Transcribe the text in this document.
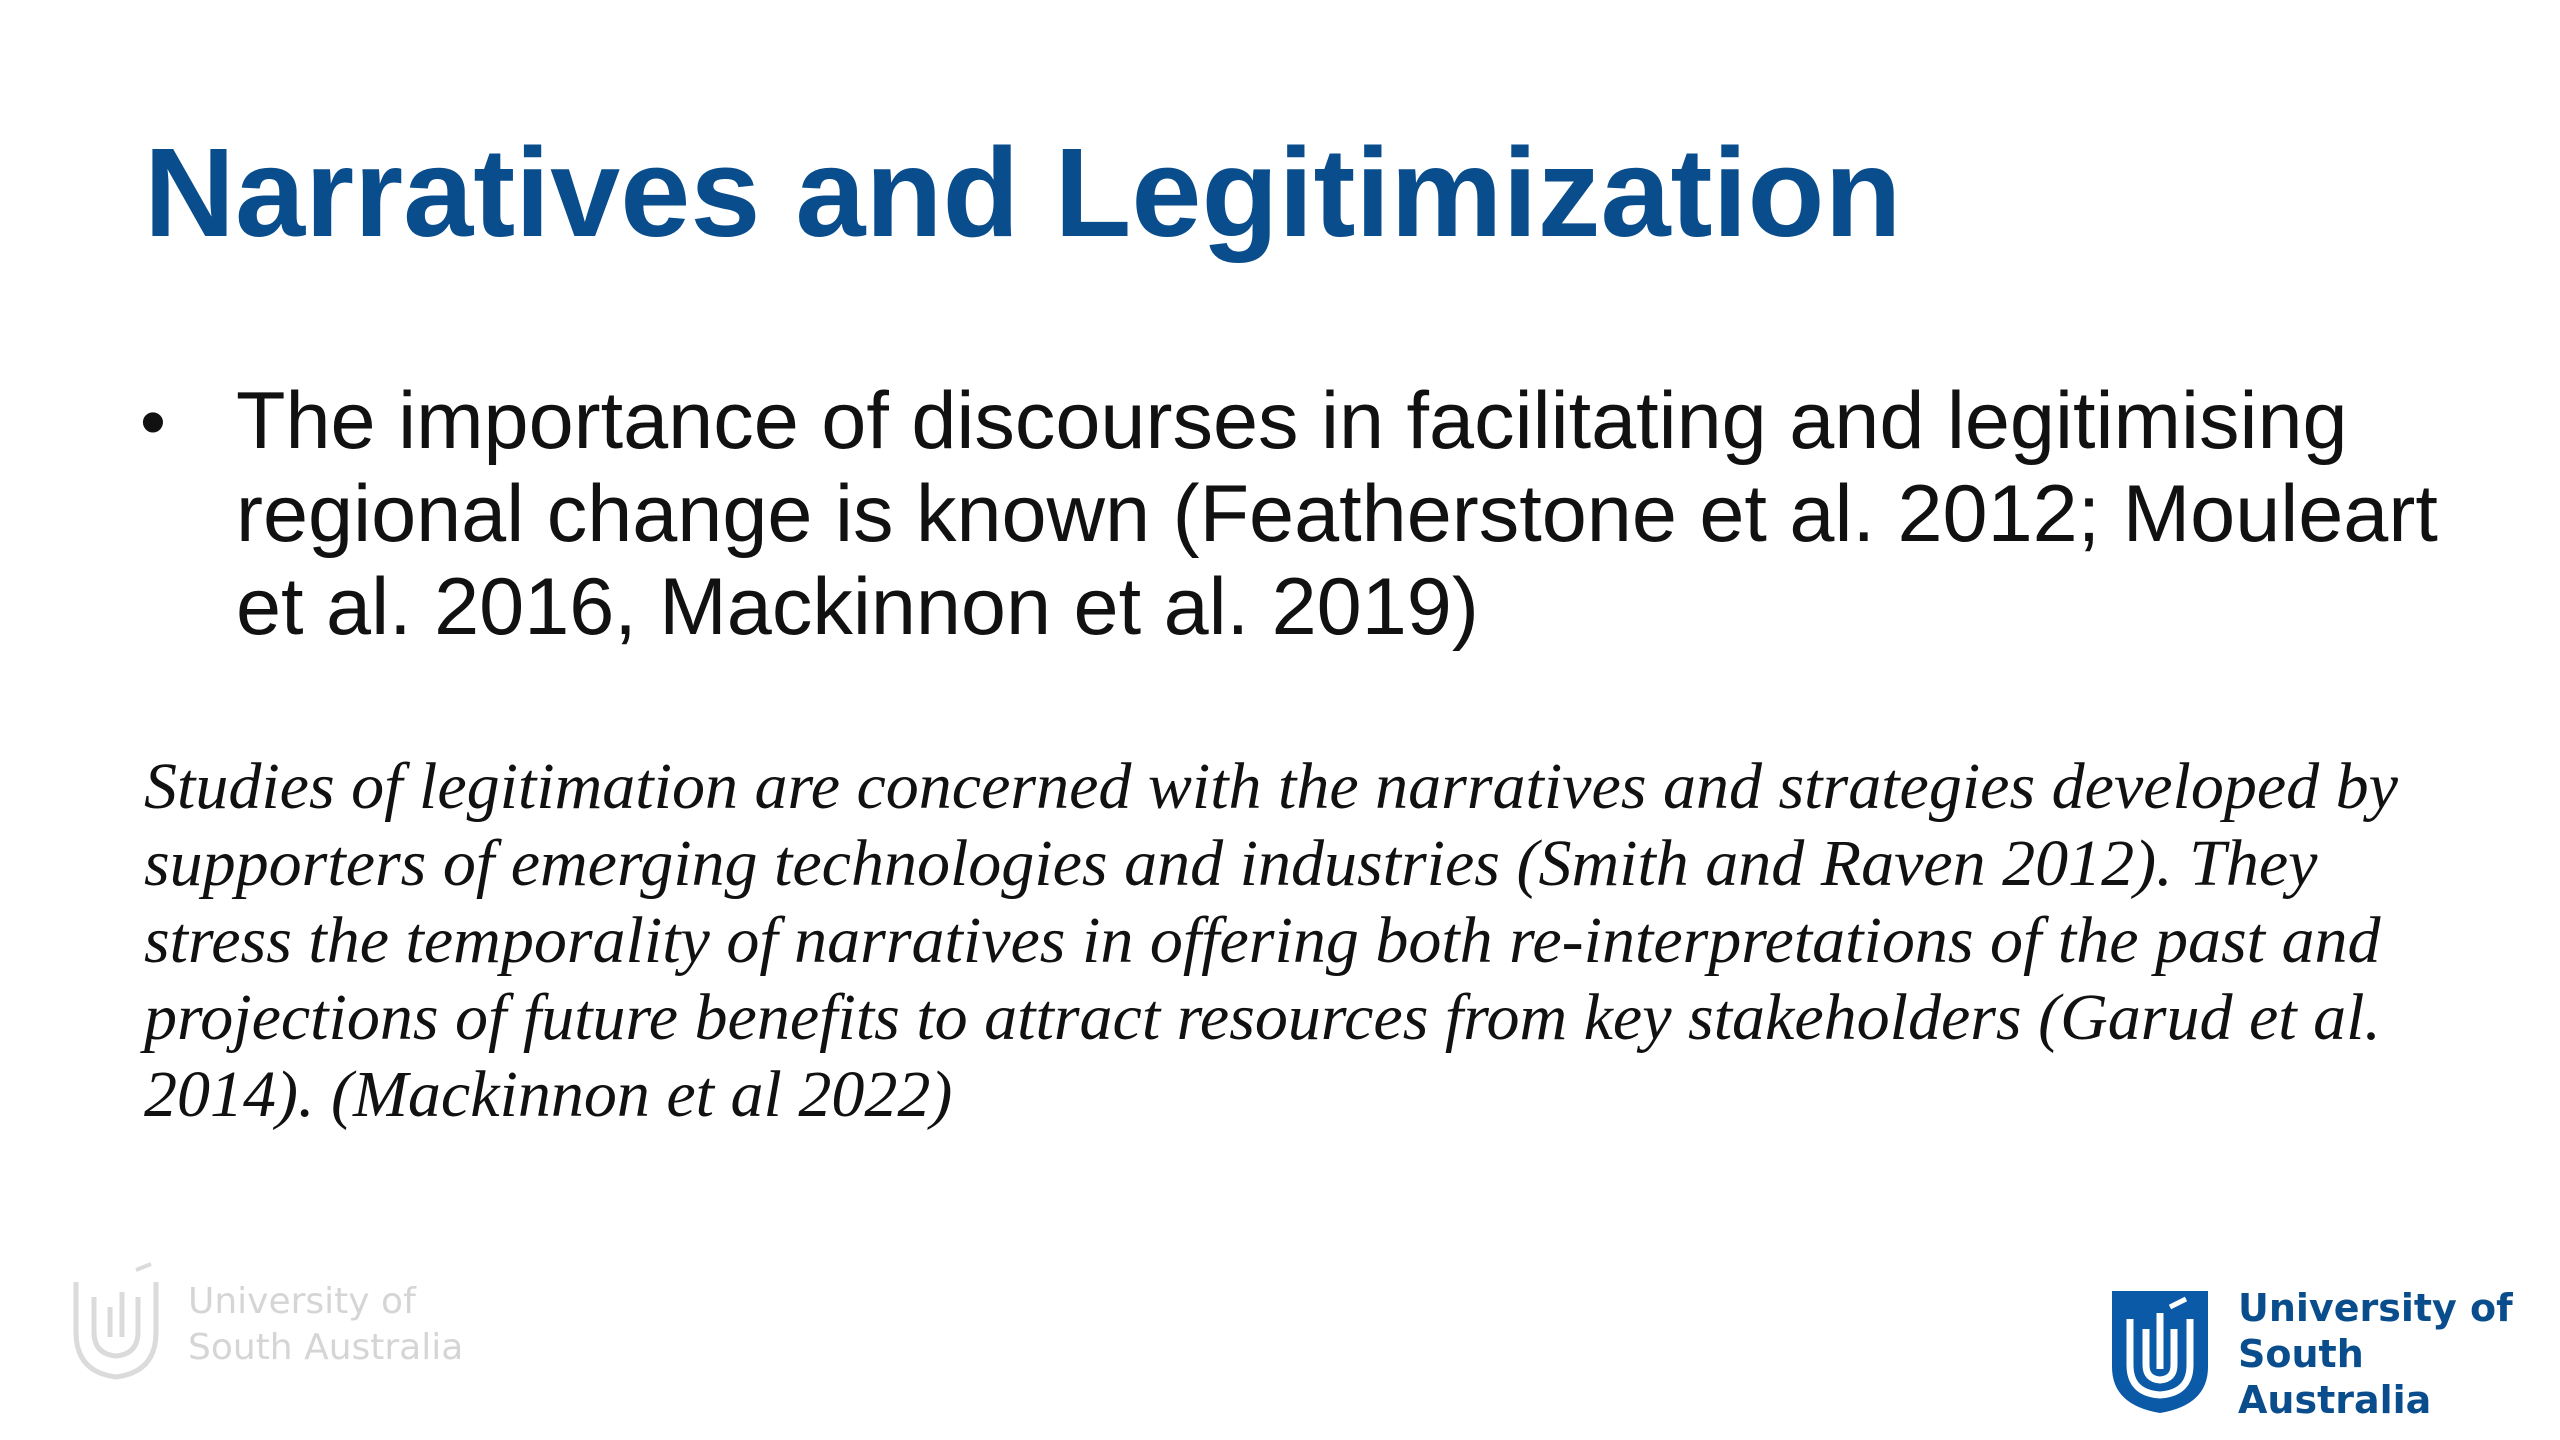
Narratives and Legitimization
• The importance of discourses in facilitating and legitimising regional change is known (Featherstone et al. 2012; Mouleart et al. 2016, Mackinnon et al. 2019)

Studies of legitimation are concerned with the narratives and strategies developed by supporters of emerging technologies and industries (Smith and Raven 2012). They stress the temporality of narratives in offering both re-interpretations of the past and projections of future benefits to attract resources from key stakeholders (Garud et al. 2014). (Mackinnon et al 2022)

University of
South Australia
University of
South Australia
